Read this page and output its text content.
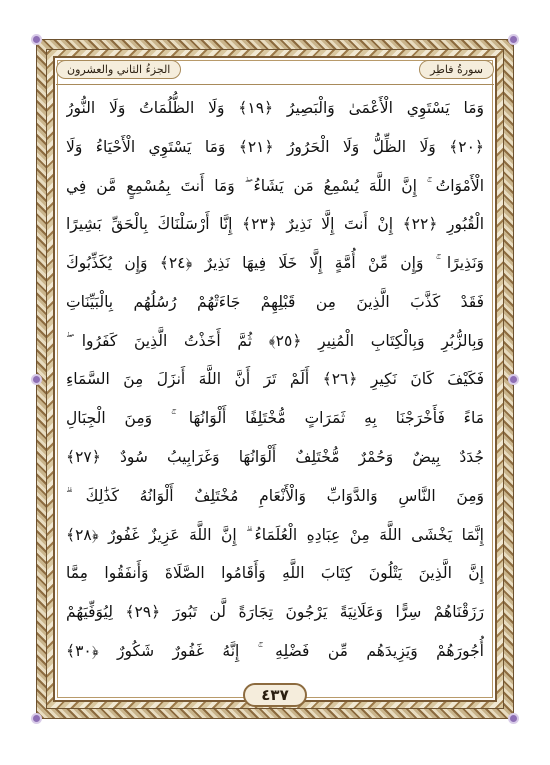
سورةُ فاطِر
الجزءُ الثاني والعشرون
وَمَا يَسْتَوِي الْأَعْمَىٰ وَالْبَصِيرُ ﴿١٩﴾ وَلَا الظُّلُمَاتُ وَلَا النُّورُ
﴿٢٠﴾ وَلَا الظِّلُّ وَلَا الْحَرُورُ ﴿٢١﴾ وَمَا يَسْتَوِي الْأَحْيَاءُ وَلَا
الْأَمْوَاتُ ۚ إِنَّ اللَّهَ يُسْمِعُ مَن يَشَاءُ ۖ وَمَا أَنتَ بِمُسْمِعٍ مَّن فِي
الْقُبُورِ ﴿٢٢﴾ إِنْ أَنتَ إِلَّا نَذِيرٌ ﴿٢٣﴾ إِنَّا أَرْسَلْنَاكَ بِالْحَقِّ بَشِيرًا
وَنَذِيرًا ۚ وَإِن مِّنْ أُمَّةٍ إِلَّا خَلَا فِيهَا نَذِيرٌ ﴿٢٤﴾ وَإِن يُكَذِّبُوكَ
فَقَدْ كَذَّبَ الَّذِينَ مِن قَبْلِهِمْ جَاءَتْهُمْ رُسُلُهُم بِالْبَيِّنَاتِ
وَبِالزُّبُرِ وَبِالْكِتَابِ الْمُنِيرِ ﴿٢٥﴾ ثُمَّ أَخَذْتُ الَّذِينَ كَفَرُوا ۖ
فَكَيْفَ كَانَ نَكِيرِ ﴿٢٦﴾ أَلَمْ تَرَ أَنَّ اللَّهَ أَنزَلَ مِنَ السَّمَاءِ
مَاءً فَأَخْرَجْنَا بِهِ ثَمَرَاتٍ مُّخْتَلِفًا أَلْوَانُهَا ۚ وَمِنَ الْجِبَالِ
جُدَدٌ بِيضٌ وَحُمْرٌ مُّخْتَلِفٌ أَلْوَانُهَا وَغَرَابِيبُ سُودٌ ﴿٢٧﴾
وَمِنَ النَّاسِ وَالدَّوَابِّ وَالْأَنْعَامِ مُخْتَلِفٌ أَلْوَانُهُ كَذَٰلِكَ ۗ
إِنَّمَا يَخْشَى اللَّهَ مِنْ عِبَادِهِ الْعُلَمَاءُ ۗ إِنَّ اللَّهَ عَزِيزٌ غَفُورٌ ﴿٢٨﴾
إِنَّ الَّذِينَ يَتْلُونَ كِتَابَ اللَّهِ وَأَقَامُوا الصَّلَاةَ وَأَنفَقُوا مِمَّا
رَزَقْنَاهُمْ سِرًّا وَعَلَانِيَةً يَرْجُونَ تِجَارَةً لَّن تَبُورَ ﴿٢٩﴾ لِيُوَفِّيَهُمْ
أُجُورَهُمْ وَيَزِيدَهُم مِّن فَضْلِهِ ۚ إِنَّهُ غَفُورٌ شَكُورٌ ﴿٣٠﴾
٤٣٧
